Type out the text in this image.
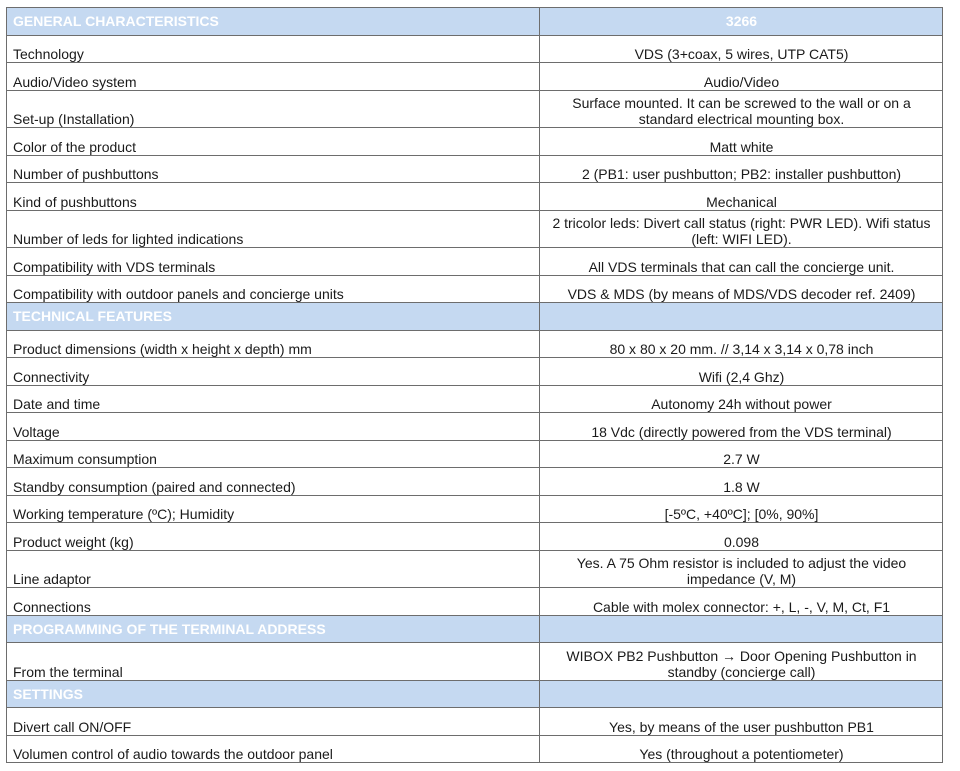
GENERAL CHARACTERISTICS	3266
Technology	VDS (3+coax, 5 wires, UTP CAT5)
Audio/Video system	Audio/Video
Set-up (Installation)	Surface mounted. It can be screwed to the wall or on a standard electrical mounting box.
Color of the product	Matt white
Number of pushbuttons	2 (PB1: user pushbutton; PB2: installer pushbutton)
Kind of pushbuttons	Mechanical
Number of leds for lighted indications	2 tricolor leds: Divert call status (right: PWR LED). Wifi status (left: WIFI LED).
Compatibility with VDS terminals	All VDS terminals that can call the concierge unit.
Compatibility with outdoor panels and concierge units	VDS & MDS (by means of MDS/VDS decoder ref. 2409)
TECHNICAL FEATURES	
Product dimensions (width x height x depth) mm	80 x 80 x 20 mm. // 3,14 x 3,14 x 0,78 inch
Connectivity	Wifi (2,4 Ghz)
Date and time	Autonomy 24h without power
Voltage	18 Vdc (directly powered from the VDS terminal)
Maximum consumption	2.7 W
Standby consumption (paired and connected)	1.8 W
Working temperature (ºC); Humidity	[-5ºC, +40ºC]; [0%, 90%]
Product weight (kg)	0.098
Line adaptor	Yes. A 75 Ohm resistor is included to adjust the video impedance (V, M)
Connections	Cable with molex connector: +, L, -, V, M, Ct, F1
PROGRAMMING OF THE TERMINAL ADDRESS	
From the terminal	WIBOX PB2 Pushbutton → Door Opening Pushbutton in standby (concierge call)
SETTINGS	
Divert call ON/OFF	Yes, by means of the user pushbutton PB1
Volumen control of audio towards the outdoor panel	Yes (throughout a potentiometer)
